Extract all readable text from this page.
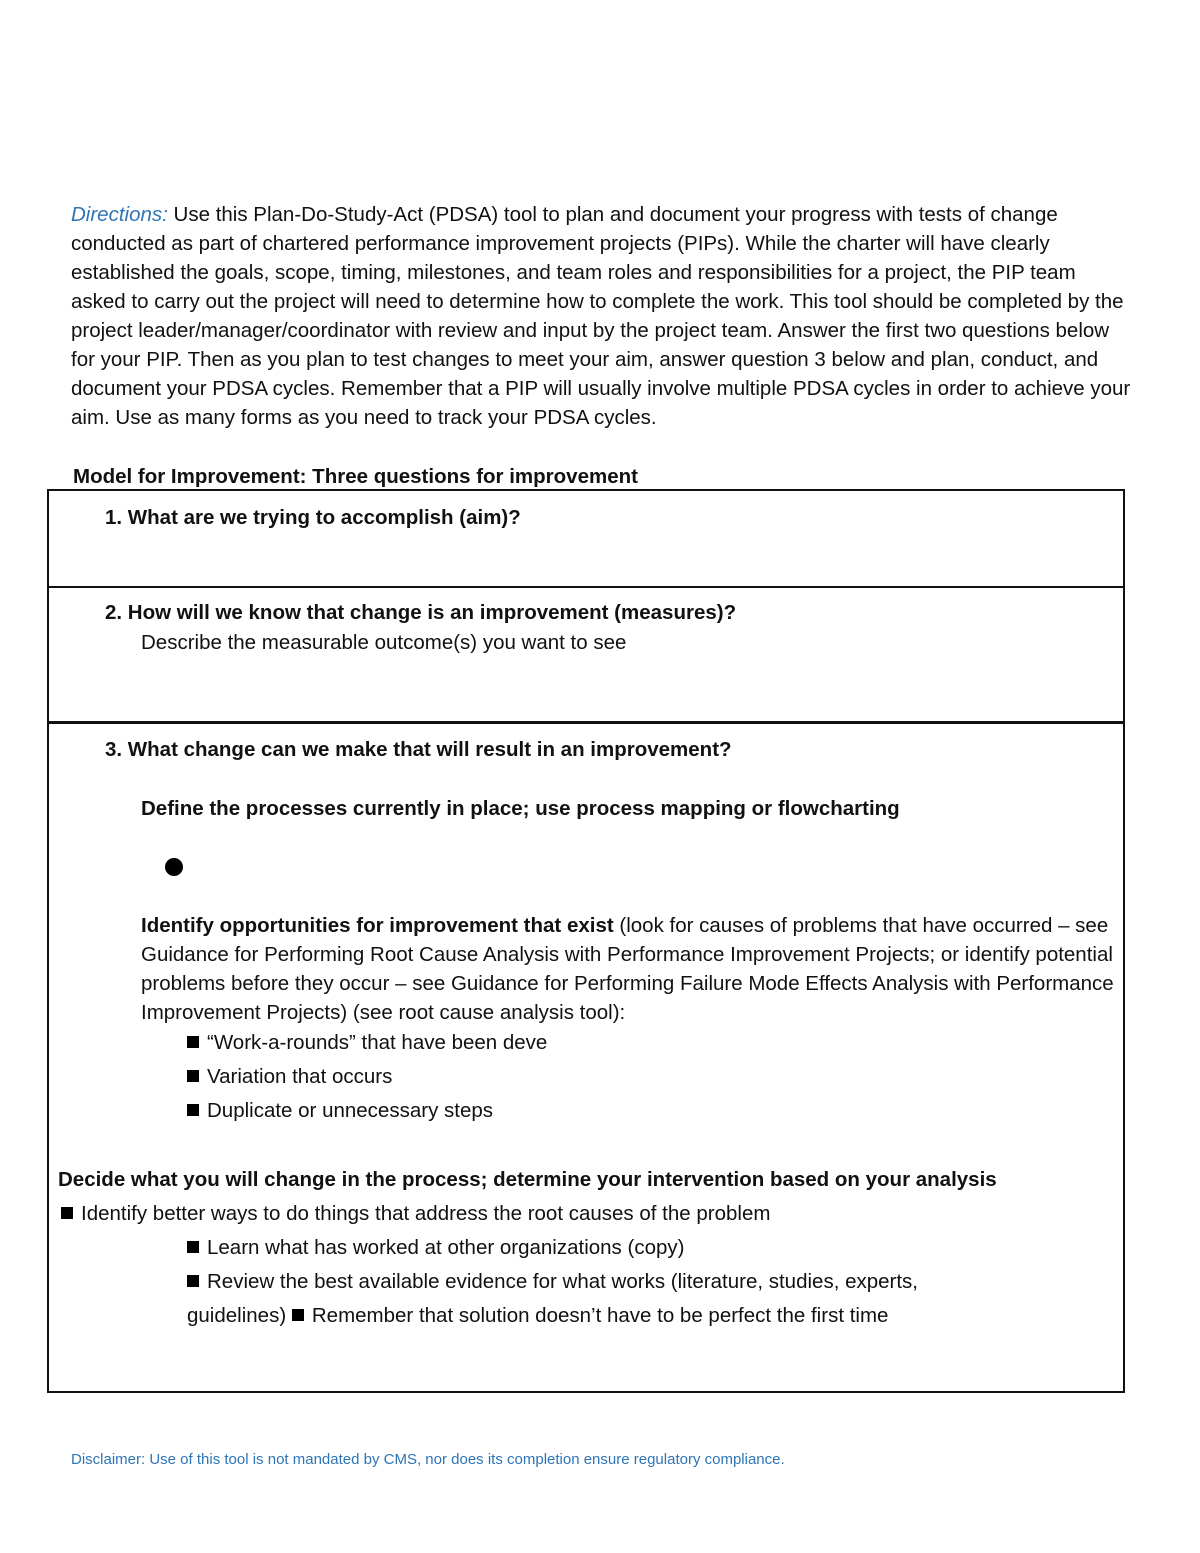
Directions: Use this Plan-Do-Study-Act (PDSA) tool to plan and document your progress with tests of change conducted as part of chartered performance improvement projects (PIPs). While the charter will have clearly established the goals, scope, timing, milestones, and team roles and responsibilities for a project, the PIP team asked to carry out the project will need to determine how to complete the work. This tool should be completed by the project leader/manager/coordinator with review and input by the project team. Answer the first two questions below for your PIP. Then as you plan to test changes to meet your aim, answer question 3 below and plan, conduct, and document your PDSA cycles. Remember that a PIP will usually involve multiple PDSA cycles in order to achieve your aim. Use as many forms as you need to track your PDSA cycles.

Model for Improvement: Three questions for improvement

1. What are we trying to accomplish (aim)?
2. How will we know that change is an improvement (measures)?
Describe the measurable outcome(s) you want to see
3. What change can we make that will result in an improvement?
Define the processes currently in place; use process mapping or flowcharting
Identify opportunities for improvement that exist (look for causes of problems that have occurred – see Guidance for Performing Root Cause Analysis with Performance Improvement Projects; or identify potential problems before they occur – see Guidance for Performing Failure Mode Effects Analysis with Performance Improvement Projects) (see root cause analysis tool):
“Work-a-rounds” that have been deve
Variation that occurs
Duplicate or unnecessary steps
Decide what you will change in the process; determine your intervention based on your analysis
Identify better ways to do things that address the root causes of the problem
Learn what has worked at other organizations (copy)
Review the best available evidence for what works (literature, studies, experts,
guidelines) Remember that solution doesn’t have to be perfect the first time
Disclaimer: Use of this tool is not mandated by CMS, nor does its completion ensure regulatory compliance.
